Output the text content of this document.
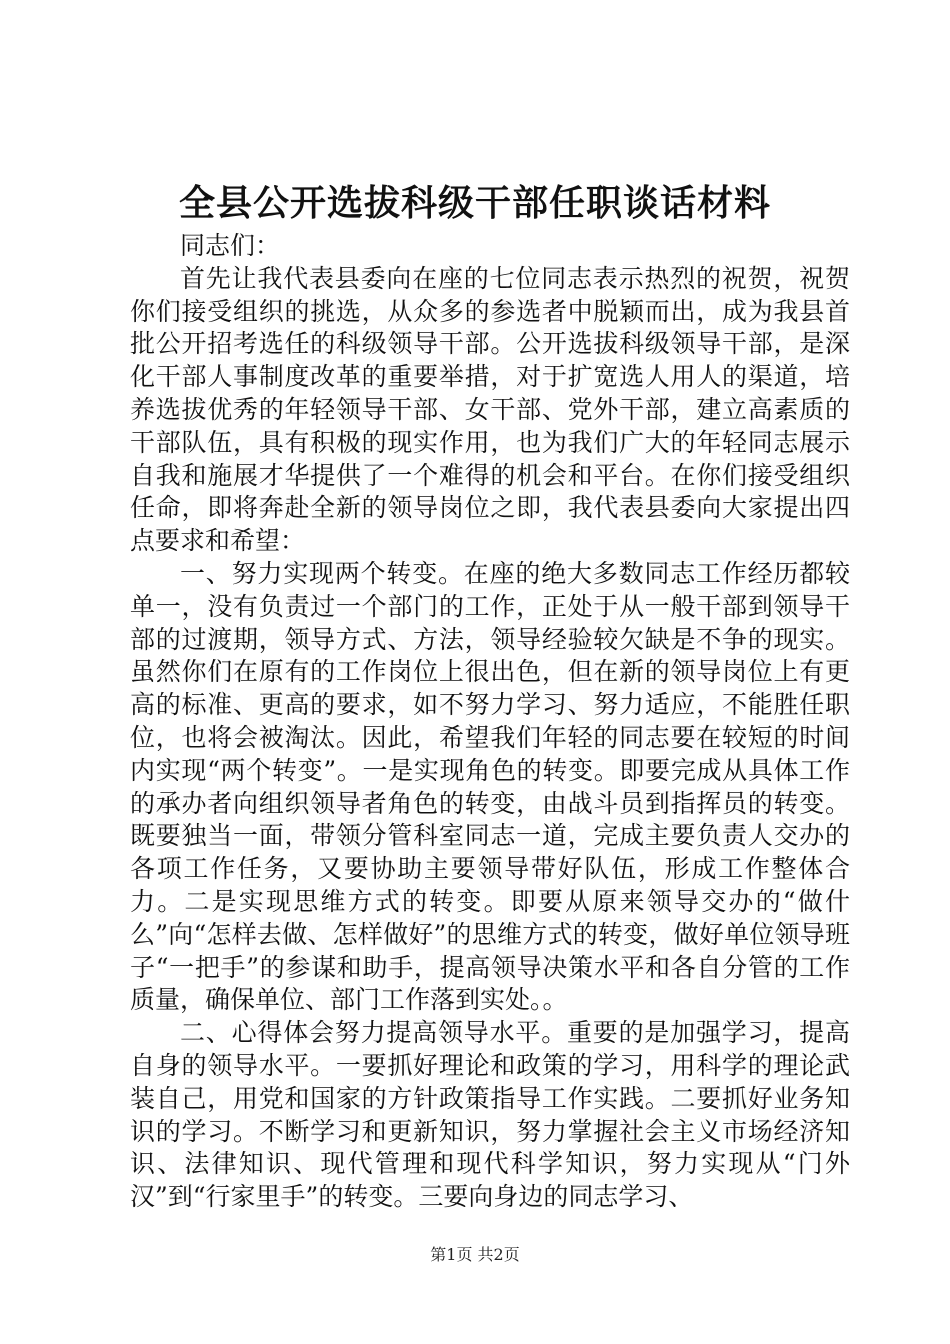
全县公开选拔科级干部任职谈话材料

同志们：

首先让我代表县委向在座的七位同志表示热烈的祝贺，祝贺你们接受组织的挑选，从众多的参选者中脱颖而出，成为我县首批公开招考选任的科级领导干部。公开选拔科级领导干部，是深化干部人事制度改革的重要举措，对于扩宽选人用人的渠道，培养选拔优秀的年轻领导干部、女干部、党外干部，建立高素质的干部队伍，具有积极的现实作用，也为我们广大的年轻同志展示自我和施展才华提供了一个难得的机会和平台。在你们接受组织任命，即将奔赴全新的领导岗位之即，我代表县委向大家提出四点要求和希望：

一、努力实现两个转变。在座的绝大多数同志工作经历都较单一，没有负责过一个部门的工作，正处于从一般干部到领导干部的过渡期，领导方式、方法，领导经验较欠缺是不争的现实。虽然你们在原有的工作岗位上很出色，但在新的领导岗位上有更高的标准、更高的要求，如不努力学习、努力适应，不能胜任职位，也将会被淘汰。因此，希望我们年轻的同志要在较短的时间内实现“两个转变”。一是实现角色的转变。即要完成从具体工作的承办者向组织领导者角色的转变，由战斗员到指挥员的转变。既要独当一面，带领分管科室同志一道，完成主要负责人交办的各项工作任务，又要协助主要领导带好队伍，形成工作整体合力。二是实现思维方式的转变。即要从原来领导交办的“做什么”向“怎样去做、怎样做好”的思维方式的转变，做好单位领导班子“一把手”的参谋和助手，提高领导决策水平和各自分管的工作质量，确保单位、部门工作落到实处。。

二、心得体会努力提高领导水平。重要的是加强学习，提高自身的领导水平。一要抓好理论和政策的学习，用科学的理论武装自己，用党和国家的方针政策指导工作实践。二要抓好业务知识的学习。不断学习和更新知识，努力掌握社会主义市场经济知识、法律知识、现代管理和现代科学知识，努力实现从“门外汉”到“行家里手”的转变。三要向身边的同志学习、

第1页 共2页
